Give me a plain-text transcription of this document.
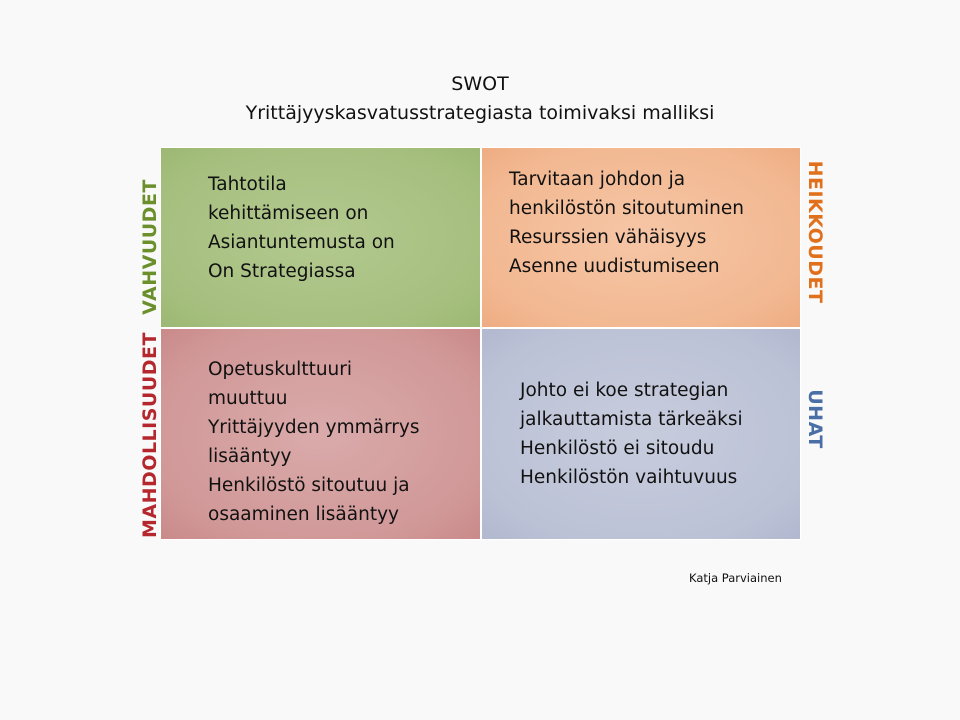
SWOT
Yrittäjyyskasvatusstrategiasta toimivaksi malliksi
Tahtotila
kehittämiseen on
Asiantuntemusta on
On Strategiassa
Tarvitaan johdon ja
henkilöstön sitoutuminen
Resurssien vähäisyys
Asenne uudistumiseen
Opetuskulttuuri
muuttuu
Yrittäjyyden ymmärrys
lisääntyy
Henkilöstö sitoutuu ja
osaaminen lisääntyy
Johto ei koe strategian
jalkauttamista tärkeäksi
Henkilöstö ei sitoudu
Henkilöstön vaihtuvuus
VAHVUUDET
MAHDOLLISUUDET
HEIKKOUDET
UHAT
Katja Parviainen
